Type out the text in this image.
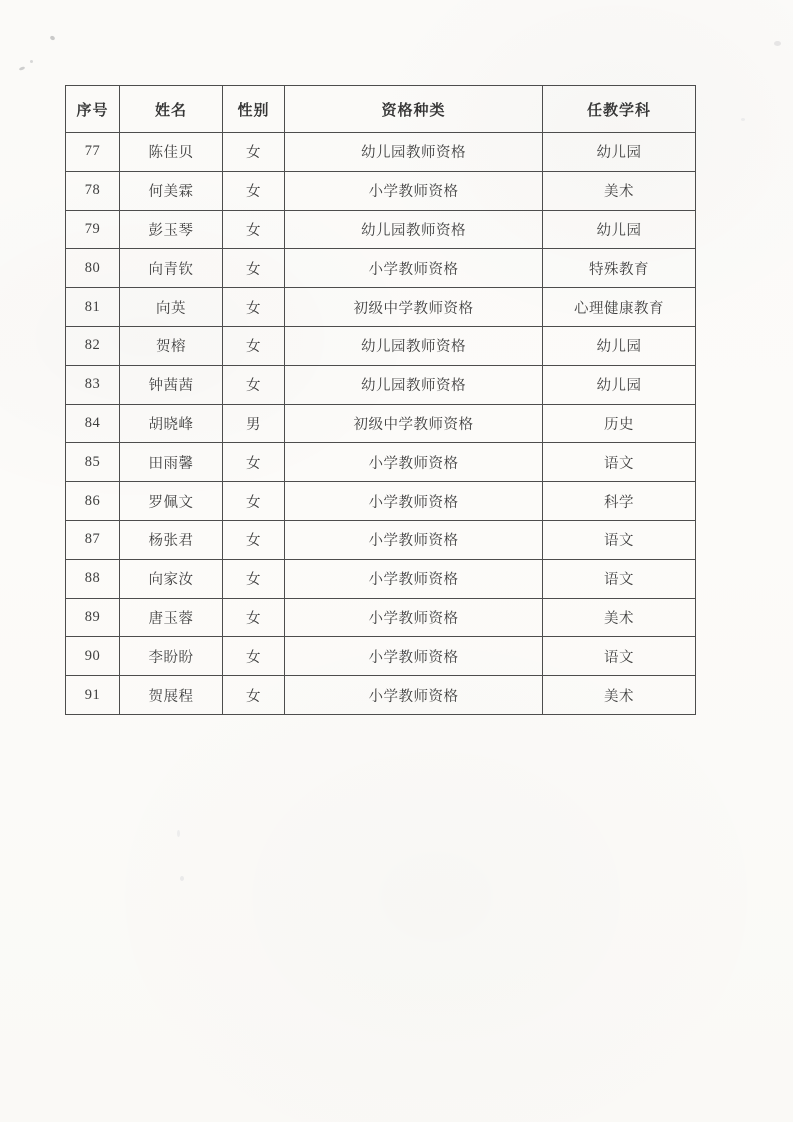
序号	姓名	性别	资格种类	任教学科
77	陈佳贝	女	幼儿园教师资格	幼儿园
78	何美霖	女	小学教师资格	美术
79	彭玉琴	女	幼儿园教师资格	幼儿园
80	向青钦	女	小学教师资格	特殊教育
81	向英	女	初级中学教师资格	心理健康教育
82	贺榕	女	幼儿园教师资格	幼儿园
83	钟茜茜	女	幼儿园教师资格	幼儿园
84	胡晓峰	男	初级中学教师资格	历史
85	田雨馨	女	小学教师资格	语文
86	罗佩文	女	小学教师资格	科学
87	杨张君	女	小学教师资格	语文
88	向家汝	女	小学教师资格	语文
89	唐玉蓉	女	小学教师资格	美术
90	李盼盼	女	小学教师资格	语文
91	贺展程	女	小学教师资格	美术
